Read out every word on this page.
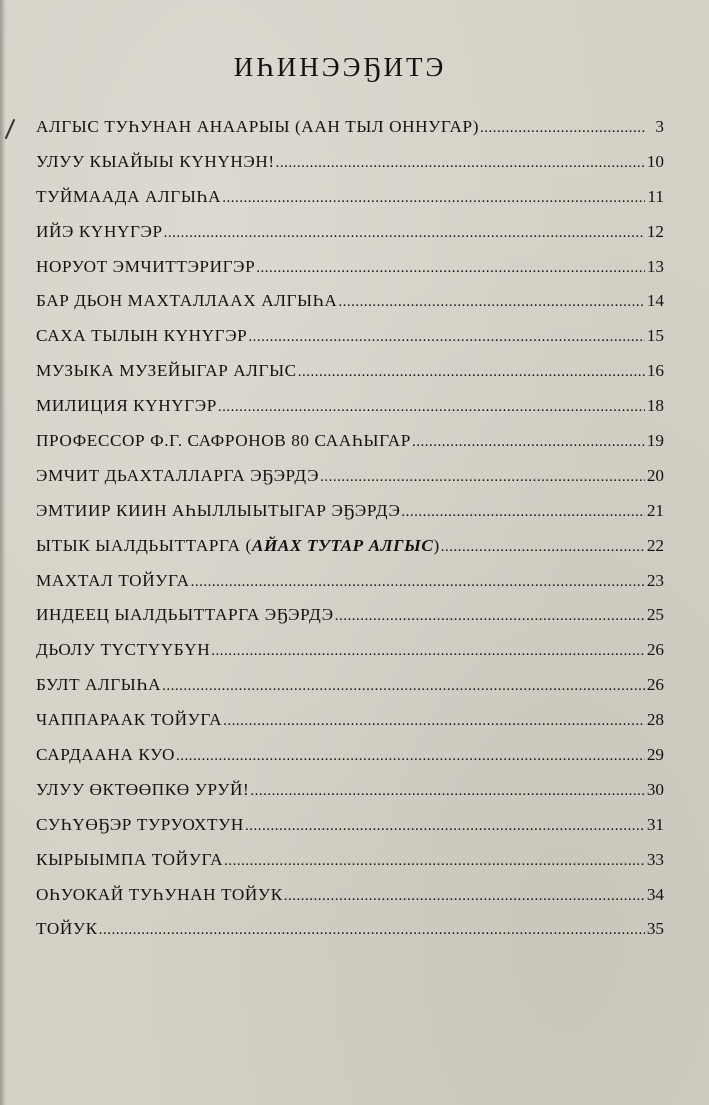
ИҺИНЭЭҔИТЭ
АЛГЫС ТУҺУНАН АНААРЫЫ (ААН ТЫЛ ОННУГАР) .....	3
УЛУУ КЫАЙЫЫ КҮНҮНЭН! .....	10
ТУЙМААДА АЛГЫҺА .....	11
ИЙЭ КҮНҮГЭР .....	12
НОРУОТ ЭМЧИТТЭРИГЭР .....	13
БАР ДЬОН МАХТАЛЛААХ АЛГЫҺА .....	14
САХА ТЫЛЫН КҮНҮГЭР .....	15
МУЗЫКА МУЗЕЙЫГАР АЛГЫС .....	16
МИЛИЦИЯ КҮНҮГЭР .....	18
ПРОФЕССОР Ф.Г. САФРОНОВ 80 СААҺЫГАР .....	19
ЭМЧИТ ДЬАХТАЛЛАРГА ЭҔЭРДЭ .....	20
ЭМТИИР КИИН АҺЫЛЛЫЫТЫГАР ЭҔЭРДЭ .....	21
ЫТЫК ЫАЛДЬЫТТАРГА (АЙАХ ТУТАР АЛГЫС) .....	22
МАХТАЛ ТОЙУГА .....	23
ИНДЕЕЦ ЫАЛДЬЫТТАРГА ЭҔЭРДЭ .....	25
ДЬОЛУ ТҮСТҮҮБҮН .....	26
БУЛТ АЛГЫҺА .....	26
ЧАППАРААК ТОЙУГА .....	28
САРДААНА КУО .....	29
УЛУУ ӨКТӨӨПКӨ УРУЙ! .....	30
СУҺҮӨҔЭР ТУРУОХТУН .....	31
КЫРЫЫМПА ТОЙУГА .....	33
ОҺУОКАЙ ТУҺУНАН ТОЙУК .....	34
ТОЙУК .....	35
